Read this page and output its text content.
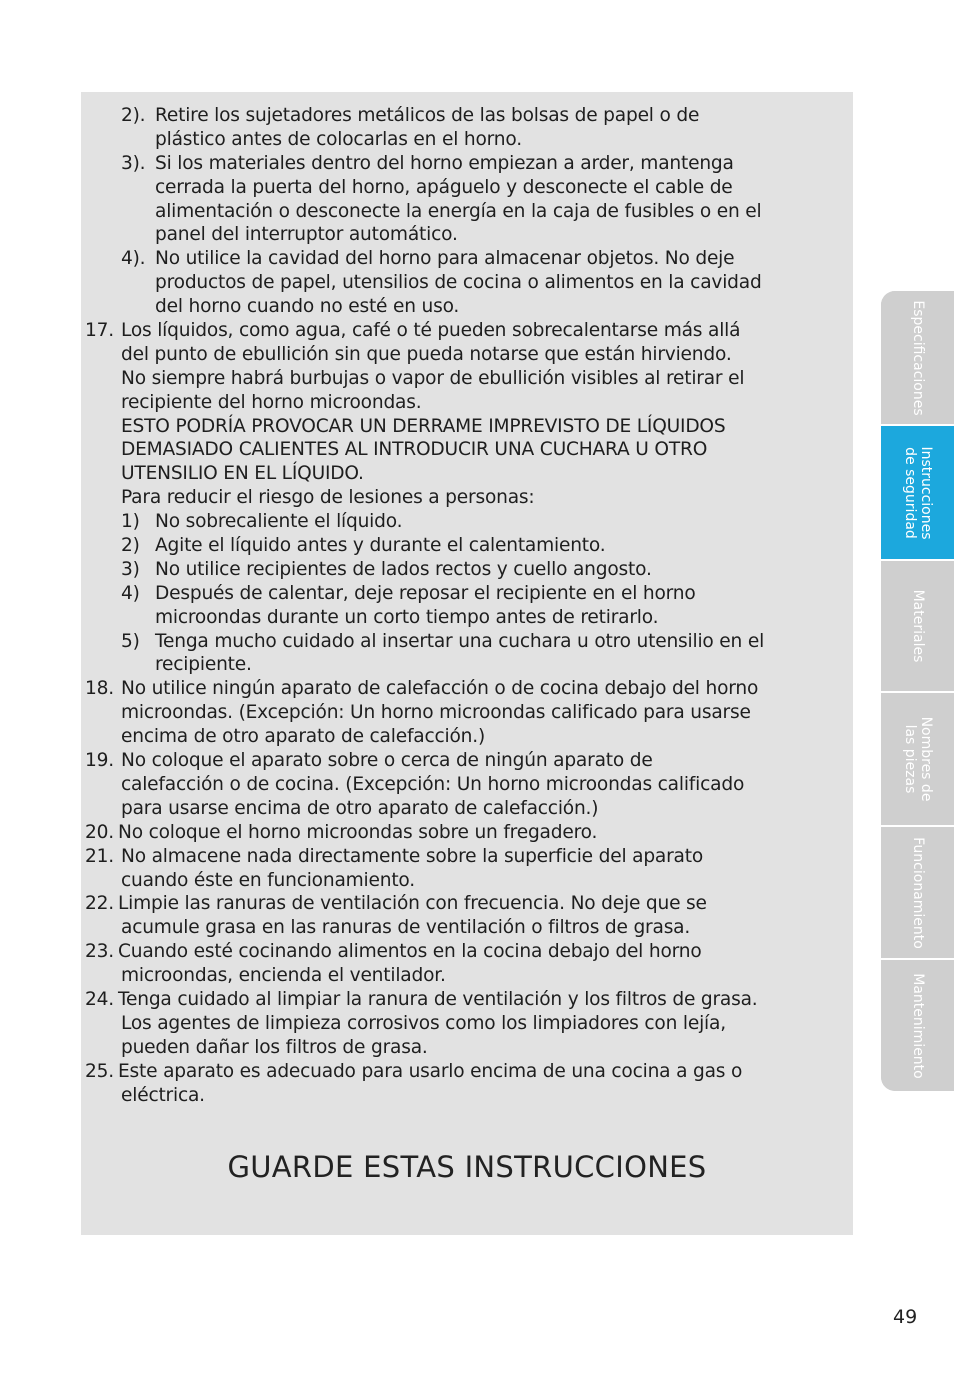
2). Retire los sujetadores metálicos de las bolsas de papel o de
plástico antes de colocarlas en el horno.
3). Si los materiales dentro del horno empiezan a arder, mantenga
cerrada la puerta del horno, apáguelo y desconecte el cable de
alimentación o desconecte la energía en la caja de fusibles o en el
panel del interruptor automático.
4). No utilice la cavidad del horno para almacenar objetos. No deje
productos de papel, utensilios de cocina o alimentos en la cavidad
del horno cuando no esté en uso.
17. Los líquidos, como agua, café o té pueden sobrecalentarse más allá
del punto de ebullición sin que pueda notarse que están hirviendo.
No siempre habrá burbujas o vapor de ebullición visibles al retirar el
recipiente del horno microondas.
ESTO PODRÍA PROVOCAR UN DERRAME IMPREVISTO DE LÍQUIDOS
DEMASIADO CALIENTES AL INTRODUCIR UNA CUCHARA U OTRO
UTENSILIO EN EL LÍQUIDO.
Para reducir el riesgo de lesiones a personas:
1) No sobrecaliente el líquido.
2) Agite el líquido antes y durante el calentamiento.
3) No utilice recipientes de lados rectos y cuello angosto.
4) Después de calentar, deje reposar el recipiente en el horno
microondas durante un corto tiempo antes de retirarlo.
5) Tenga mucho cuidado al insertar una cuchara u otro utensilio en el
recipiente.
18. No utilice ningún aparato de calefacción o de cocina debajo del horno
microondas. (Excepción: Un horno microondas calificado para usarse
encima de otro aparato de calefacción.)
19. No coloque el aparato sobre o cerca de ningún aparato de
calefacción o de cocina. (Excepción: Un horno microondas calificado
para usarse encima de otro aparato de calefacción.)
20. No coloque el horno microondas sobre un fregadero.
21. No almacene nada directamente sobre la superficie del aparato
cuando éste en funcionamiento.
22. Limpie las ranuras de ventilación con frecuencia. No deje que se
acumule grasa en las ranuras de ventilación o filtros de grasa.
23. Cuando esté cocinando alimentos en la cocina debajo del horno
microondas, encienda el ventilador.
24. Tenga cuidado al limpiar la ranura de ventilación y los filtros de grasa.
Los agentes de limpieza corrosivos como los limpiadores con lejía,
pueden dañar los filtros de grasa.
25. Este aparato es adecuado para usarlo encima de una cocina a gas o
eléctrica.
GUARDE ESTAS INSTRUCCIONES
49
Especificaciones
Instrucciones
de seguridad
Materiales
Nombres de
las piezas
Funcionamiento
Mantenimiento
